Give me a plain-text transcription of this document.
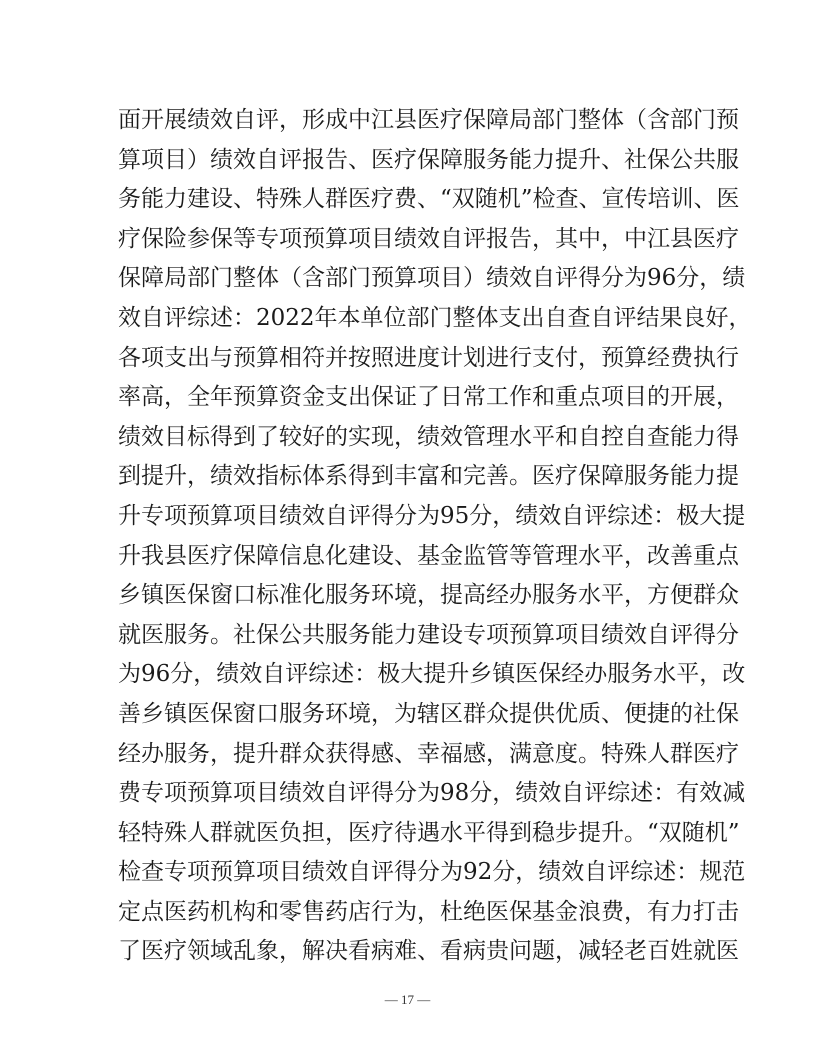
面开展绩效自评，形成中江县医疗保障局部门整体（含部门预
算项目）绩效自评报告、医疗保障服务能力提升、社保公共服
务能力建设、特殊人群医疗费、“双随机”检查、宣传培训、医
疗保险参保等专项预算项目绩效自评报告，其中，中江县医疗
保障局部门整体（含部门预算项目）绩效自评得分为96分，绩
效自评综述：2022年本单位部门整体支出自查自评结果良好，
各项支出与预算相符并按照进度计划进行支付，预算经费执行
率高，全年预算资金支出保证了日常工作和重点项目的开展，
绩效目标得到了较好的实现，绩效管理水平和自控自查能力得
到提升，绩效指标体系得到丰富和完善。医疗保障服务能力提
升专项预算项目绩效自评得分为95分，绩效自评综述：极大提
升我县医疗保障信息化建设、基金监管等管理水平，改善重点
乡镇医保窗口标准化服务环境，提高经办服务水平，方便群众
就医服务。社保公共服务能力建设专项预算项目绩效自评得分
为96分，绩效自评综述：极大提升乡镇医保经办服务水平，改
善乡镇医保窗口服务环境，为辖区群众提供优质、便捷的社保
经办服务，提升群众获得感、幸福感，满意度。特殊人群医疗
费专项预算项目绩效自评得分为98分，绩效自评综述：有效减
轻特殊人群就医负担，医疗待遇水平得到稳步提升。“双随机”
检查专项预算项目绩效自评得分为92分，绩效自评综述：规范
定点医药机构和零售药店行为，杜绝医保基金浪费，有力打击
了医疗领域乱象，解决看病难、看病贵问题，减轻老百姓就医
— 17 —
